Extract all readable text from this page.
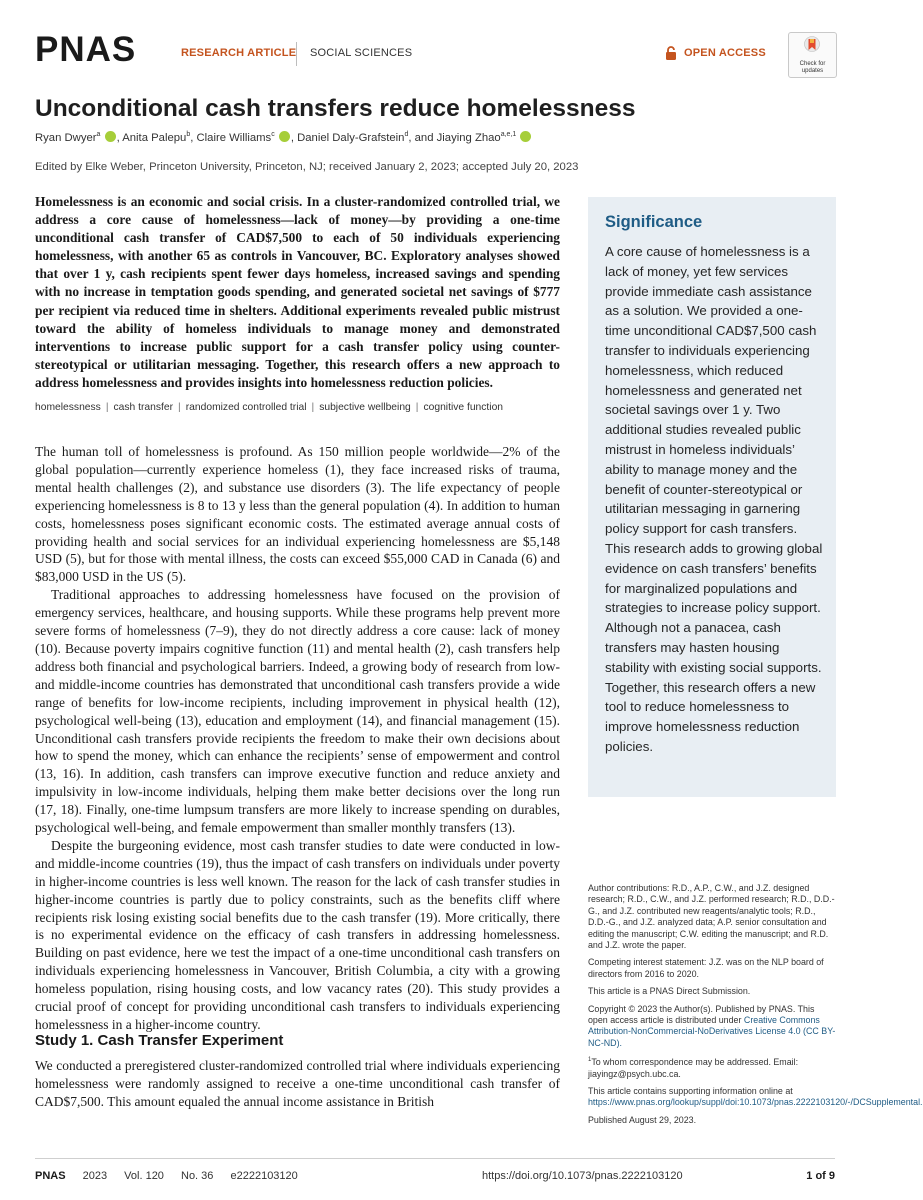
PNAS	RESEARCH ARTICLE SOCIAL SCIENCES	OPEN ACCESS
Check for updates
Unconditional cash transfers reduce homelessness
Ryan Dwyer$^a$ , Anita Palepu$^b$, Claire Williams$^c$ , Daniel Daly-Grafstein$^d$, and Jiaying Zhao$^{a,e,1}$
Edited by Elke Weber, Princeton University, Princeton, NJ; received January 2, 2023; accepted July 20, 2023
Homelessness is an economic and social crisis. In a cluster-randomized controlled trial, we address a core cause of homelessness—lack of money—by providing a one-time unconditional cash transfer of CAD$7,500 to each of 50 individuals experiencing homelessness, with another 65 as controls in Vancouver, BC. Exploratory analyses showed that over 1 y, cash recipients spent fewer days homeless, increased savings and spending with no increase in temptation goods spending, and generated societal net savings of $777 per recipient via reduced time in shelters. Additional experiments revealed public mistrust toward the ability of homeless individuals to manage money and demonstrated interventions to increase public support for a cash transfer policy using counter-stereotypical or utilitarian messaging. Together, this research offers a new approach to address homelessness and provides insights into homelessness reduction policies.
homelessness | cash transfer | randomized controlled trial | subjective wellbeing | cognitive function

The human toll of homelessness is profound. As 150 million people worldwide—2% of the global population—currently experience homeless (1), they face increased risks of trauma, mental health challenges (2), and substance use disorders (3). The life expectancy of people experiencing homelessness is 8 to 13 y less than the general population (4). In addition to human costs, homelessness poses significant economic costs. The estimated average annual costs of providing health and social services for an individual experiencing homelessness are $5,148 USD (5), but for those with mental illness, the costs can exceed $55,000 CAD in Canada (6) and $83,000 USD in the US (5).

Traditional approaches to addressing homelessness have focused on the provision of emergency services, healthcare, and housing supports. While these programs help prevent more severe forms of homelessness (7–9), they do not directly address a core cause: lack of money (10). Because poverty impairs cognitive function (11) and mental health (2), cash transfers help address both financial and psychological barriers. Indeed, a growing body of research from low- and middle-income countries has demonstrated that unconditional cash transfers provide a wide range of benefits for low-income recipients, including improvement in physical health (12), psychological well-being (13), education and employment (14), and financial management (15). Unconditional cash transfers provide recipients the freedom to make their own decisions about how to spend the money, which can enhance the recipients’ sense of empowerment and control (13, 16). In addition, cash transfers can improve executive function and reduce anxiety and impulsivity in low-income individuals, helping them make better decisions over the long run (17, 18). Finally, one-time lumpsum transfers are more likely to increase spending on durables, psychological well-being, and female empowerment than smaller monthly transfers (13).

Despite the burgeoning evidence, most cash transfer studies to date were conducted in low- and middle-income countries (19), thus the impact of cash transfers on individuals under poverty in higher-income countries is less well known. The reason for the lack of cash transfer studies in higher-income countries is partly due to policy constraints, such as the benefits cliff where recipients risk losing existing social benefits due to the cash transfer (19). More critically, there is no experimental evidence on the efficacy of cash transfers in addressing homelessness. Building on past evidence, here we test the impact of a one-time unconditional cash transfers on individuals experiencing homelessness in Vancouver, British Columbia, a city with a growing homeless population, rising housing costs, and low vacancy rates (20). This study provides a crucial proof of concept for providing unconditional cash transfers to individuals experiencing homelessness in a higher-income country.

Study 1. Cash Transfer Experiment
We conducted a preregistered cluster-randomized controlled trial where individuals experiencing homelessness were randomly assigned to receive a one-time unconditional cash transfer of CAD$7,500. This amount equaled the annual income assistance in British
Significance
A core cause of homelessness is a lack of money, yet few services provide immediate cash assistance as a solution. We provided a one-time unconditional CAD$7,500 cash transfer to individuals experiencing homelessness, which reduced homelessness and generated net societal savings over 1 y. Two additional studies revealed public mistrust in homeless individuals’ ability to manage money and the benefit of counter-stereotypical or utilitarian messaging in garnering policy support for cash transfers. This research adds to growing global evidence on cash transfers’ benefits for marginalized populations and strategies to increase policy support. Although not a panacea, cash transfers may hasten housing stability with existing social supports. Together, this research offers a new tool to reduce homelessness to improve homelessness reduction policies.

Author contributions: R.D., A.P., C.W., and J.Z. designed research; R.D., C.W., and J.Z. performed research; R.D., D.D.-G., and J.Z. contributed new reagents/analytic tools; R.D., D.D.-G., and J.Z. analyzed data; A.P. senior consultation and editing the manuscript; C.W. editing the manuscript; and R.D. and J.Z. wrote the paper.

Competing interest statement: J.Z. was on the NLP board of directors from 2016 to 2020.

This article is a PNAS Direct Submission.

Copyright © 2023 the Author(s). Published by PNAS. This open access article is distributed under Creative Commons Attribution-NonCommercial-NoDerivatives License 4.0 (CC BY-NC-ND).

$^1$To whom correspondence may be addressed. Email: jiayingz@psych.ubc.ca.

This article contains supporting information online at https://www.pnas.org/lookup/suppl/doi:10.1073/pnas.2222103120/-/DCSupplemental.

Published August 29, 2023.

PNAS 2023 Vol. 120 No. 36 e2222103120	https://doi.org/10.1073/pnas.2222103120	1 of 9
